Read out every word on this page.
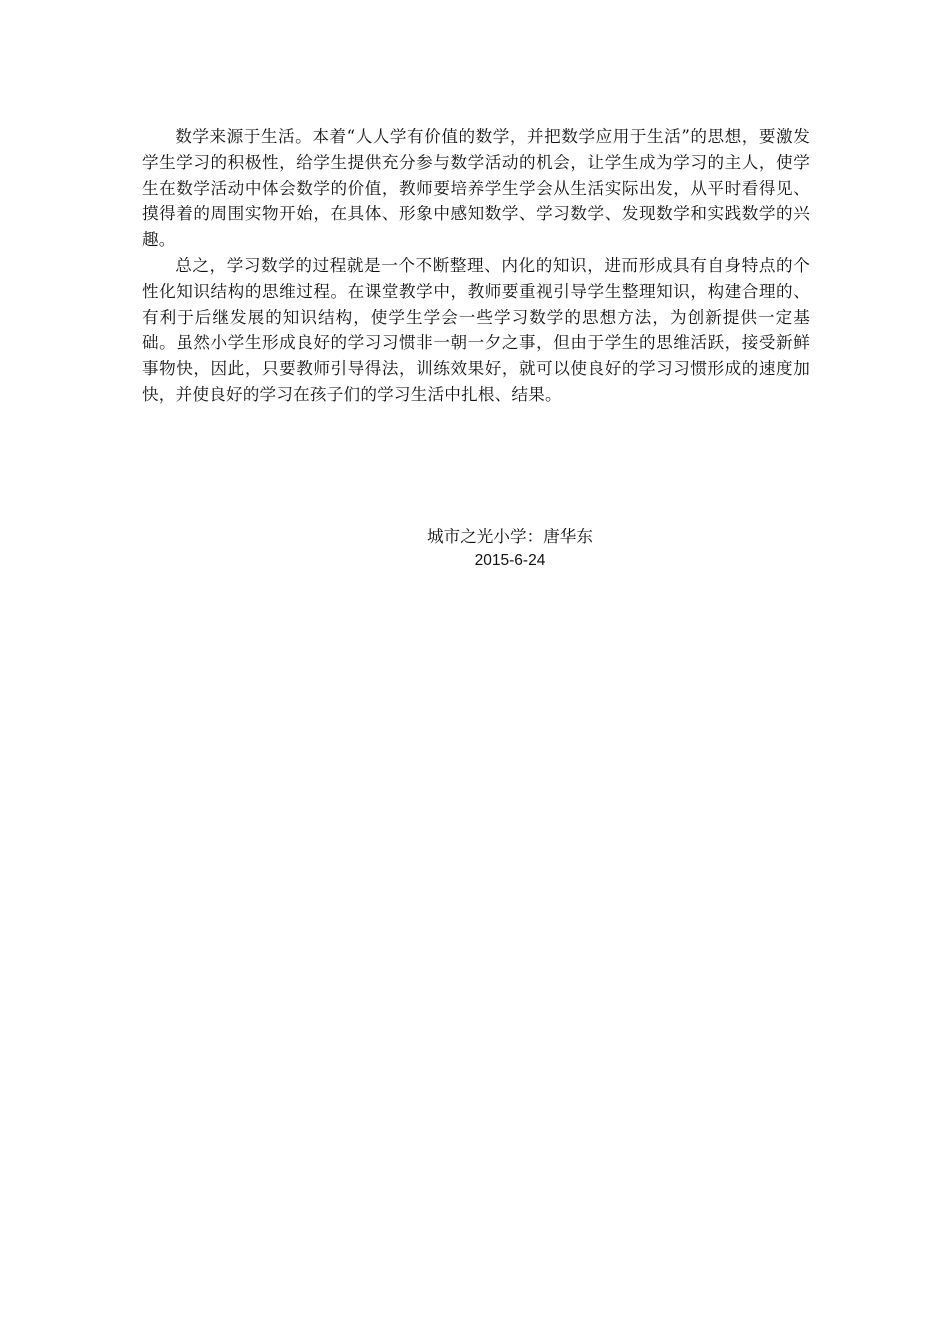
数学来源于生活。本着“人人学有价值的数学，并把数学应用于生活”的思想，要激发学生学习的积极性，给学生提供充分参与数学活动的机会，让学生成为学习的主人，使学生在数学活动中体会数学的价值，教师要培养学生学会从生活实际出发，从平时看得见、摸得着的周围实物开始，在具体、形象中感知数学、学习数学、发现数学和实践数学的兴趣。

总之，学习数学的过程就是一个不断整理、内化的知识，进而形成具有自身特点的个性化知识结构的思维过程。在课堂教学中，教师要重视引导学生整理知识，构建合理的、有利于后继发展的知识结构，使学生学会一些学习数学的思想方法，为创新提供一定基础。虽然小学生形成良好的学习习惯非一朝一夕之事，但由于学生的思维活跃，接受新鲜事物快，因此，只要教师引导得法，训练效果好，就可以使良好的学习习惯形成的速度加快，并使良好的学习在孩子们的学习生活中扎根、结果。

城市之光小学：唐华东
2015-6-24
